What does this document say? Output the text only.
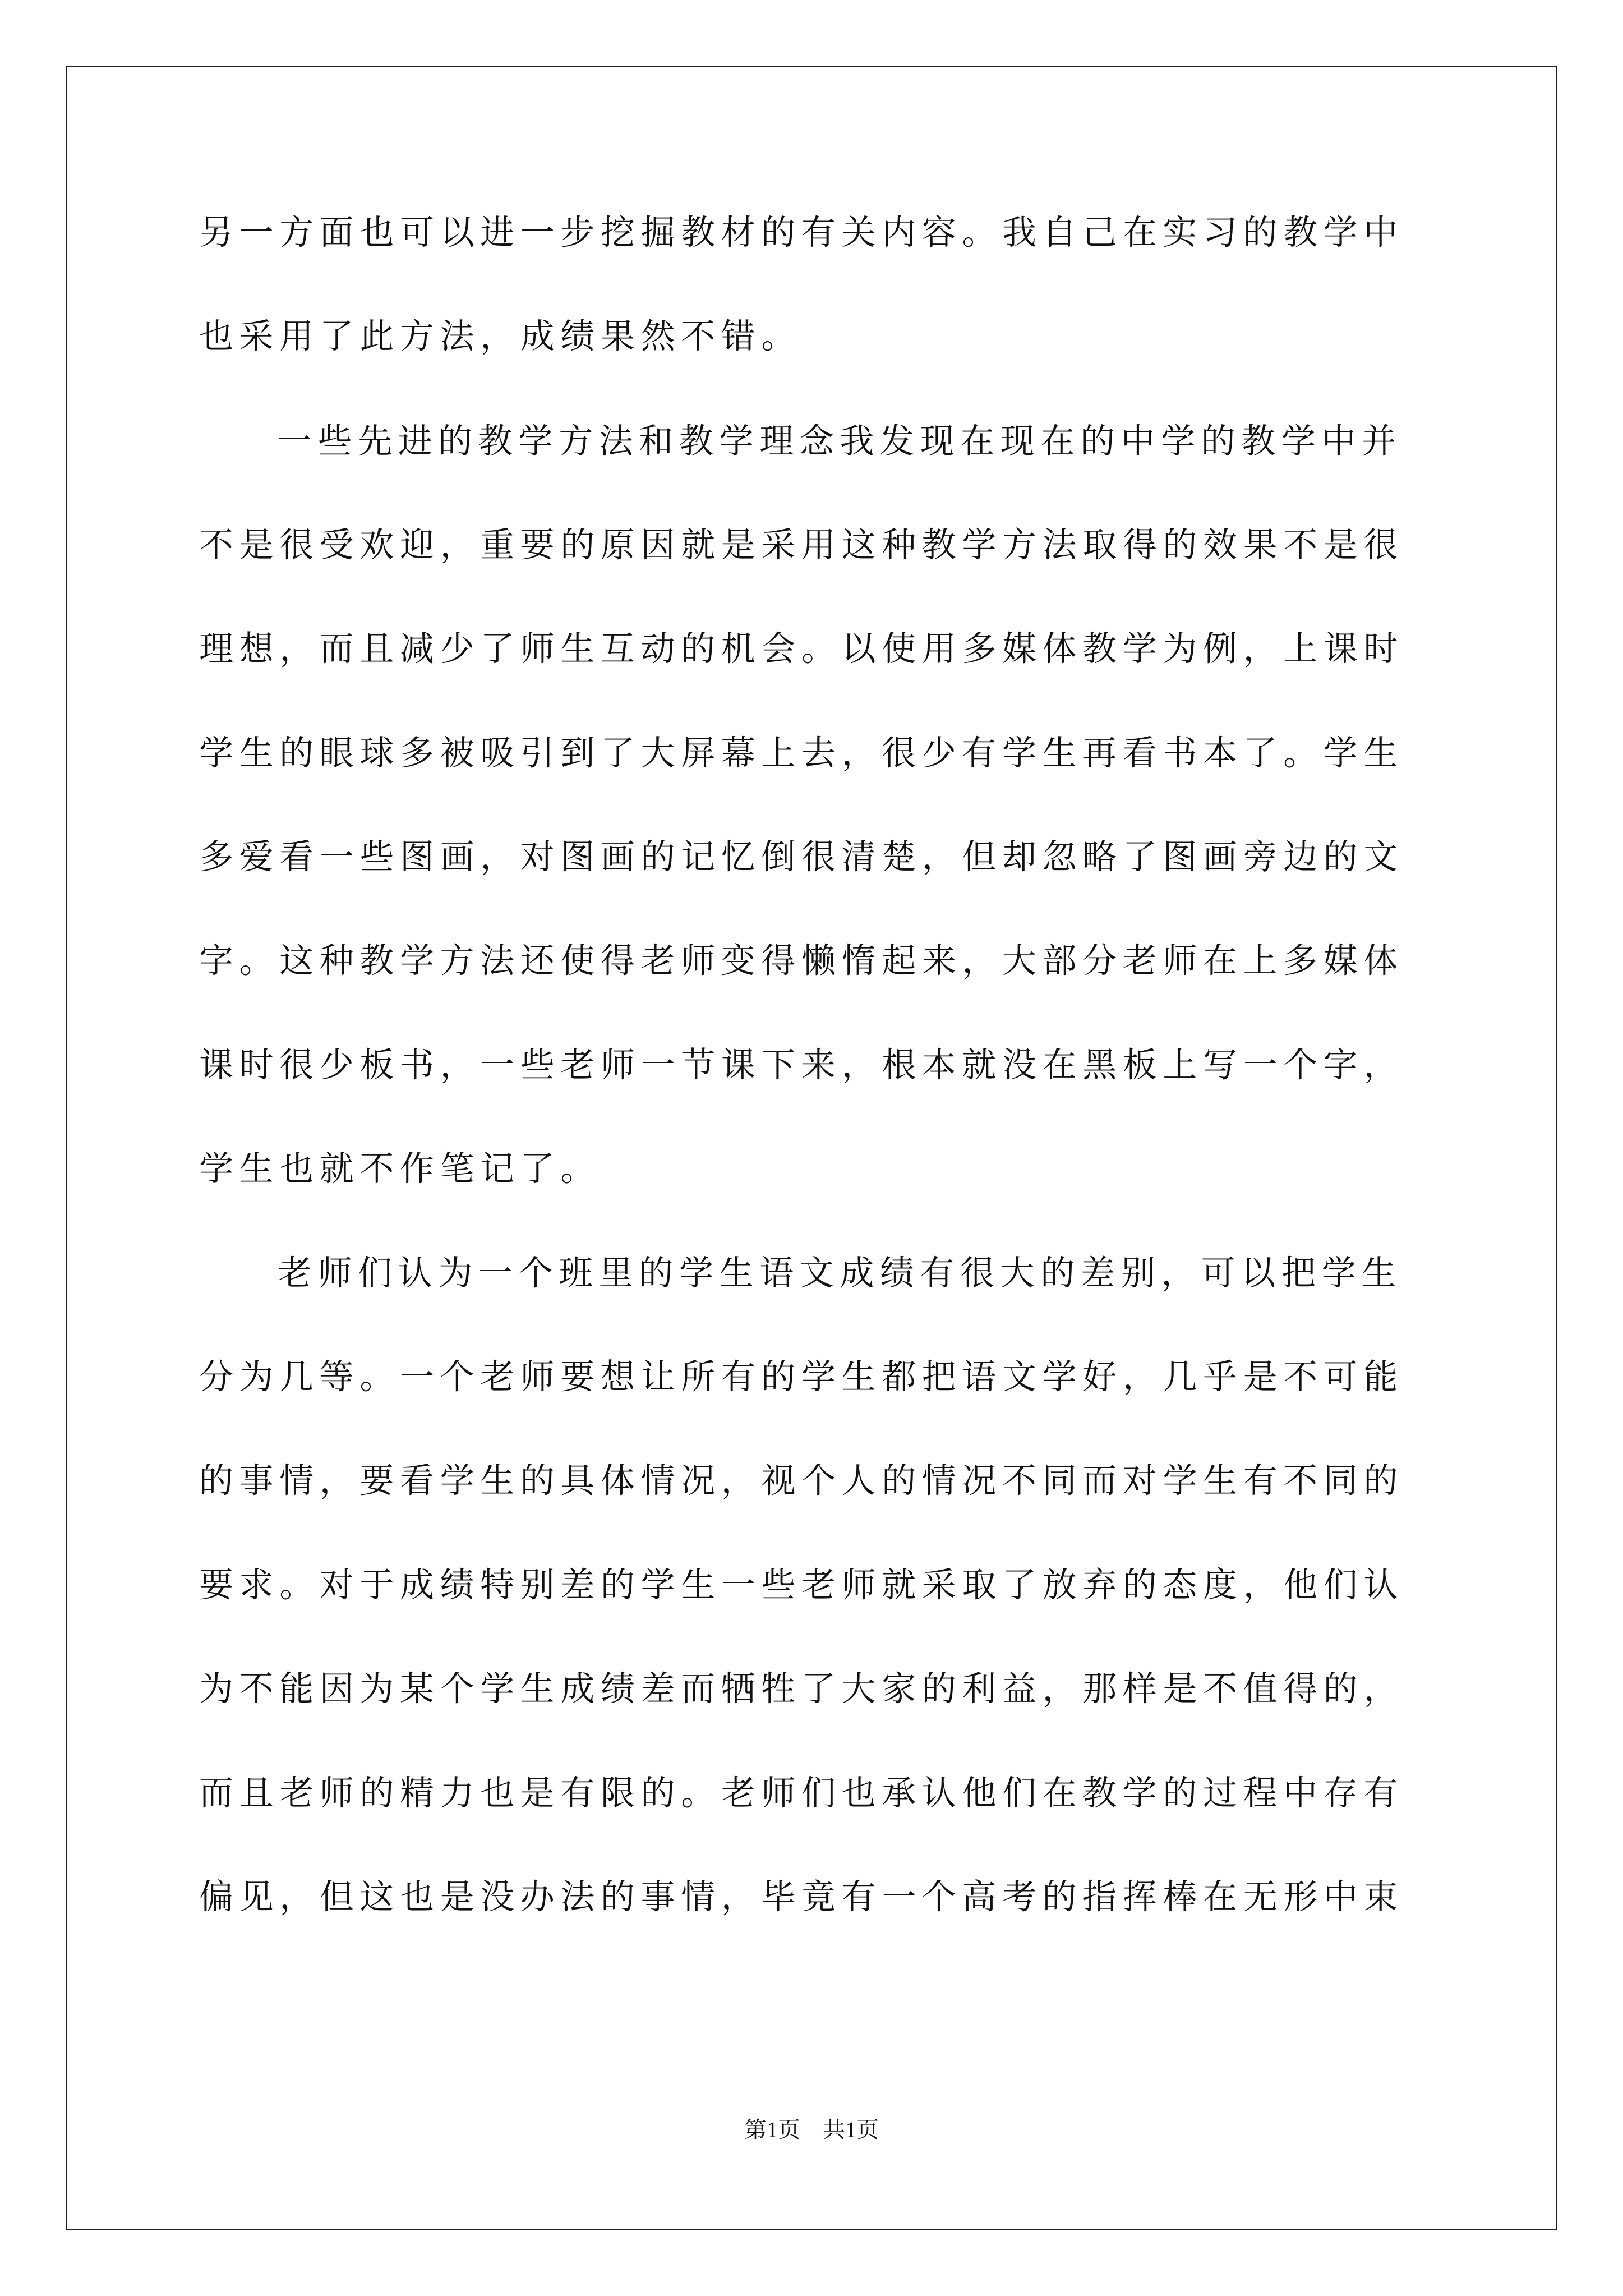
另一方面也可以进一步挖掘教材的有关内容。我自己在实习的教学中
也采用了此方法，成绩果然不错。
一些先进的教学方法和教学理念我发现在现在的中学的教学中并
不是很受欢迎，重要的原因就是采用这种教学方法取得的效果不是很
理想，而且减少了师生互动的机会。以使用多媒体教学为例，上课时
学生的眼球多被吸引到了大屏幕上去，很少有学生再看书本了。学生
多爱看一些图画，对图画的记忆倒很清楚，但却忽略了图画旁边的文
字。这种教学方法还使得老师变得懒惰起来，大部分老师在上多媒体
课时很少板书，一些老师一节课下来，根本就没在黑板上写一个字，
学生也就不作笔记了。
老师们认为一个班里的学生语文成绩有很大的差别，可以把学生
分为几等。一个老师要想让所有的学生都把语文学好，几乎是不可能
的事情，要看学生的具体情况，视个人的情况不同而对学生有不同的
要求。对于成绩特别差的学生一些老师就采取了放弃的态度，他们认
为不能因为某个学生成绩差而牺牲了大家的利益，那样是不值得的，
而且老师的精力也是有限的。老师们也承认他们在教学的过程中存有
偏见，但这也是没办法的事情，毕竟有一个高考的指挥棒在无形中束
第1页　共1页
